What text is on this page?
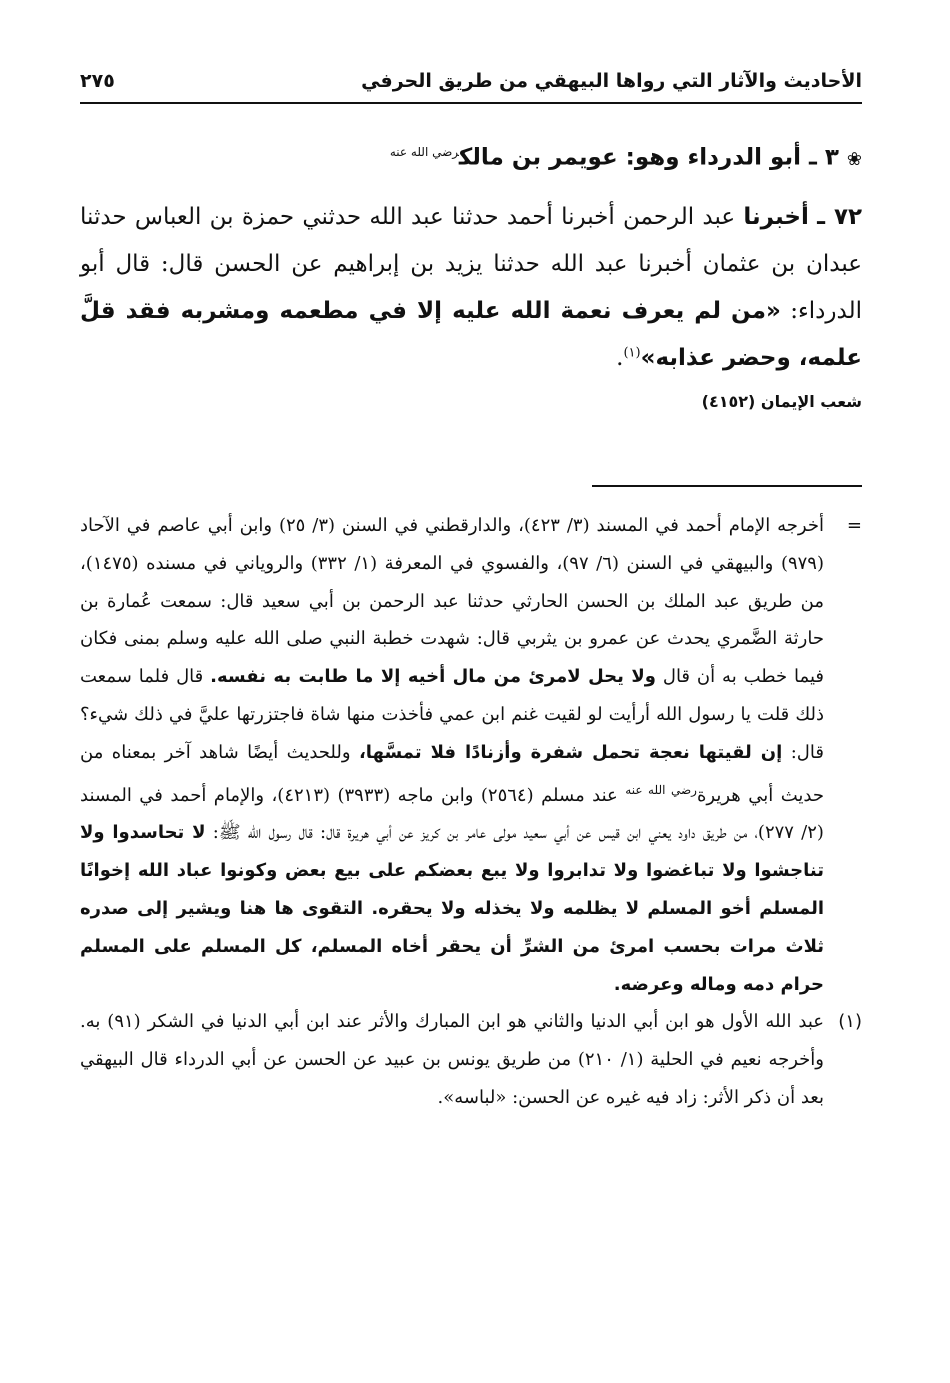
الأحاديث والآثار التي رواها البيهقي من طريق الحرفي
٢٧٥
❀٣ ـ أبو الدرداء وهو: عويمر بن مالك$^{رضي الله عنه}$

٧٢ ـ أخبرنا عبد الرحمن أخبرنا أحمد حدثنا عبد الله حدثني حمزة بن العباس حدثنا عبدان بن عثمان أخبرنا عبد الله حدثنا يزيد بن إبراهيم عن الحسن قال: قال أبو الدرداء: «من لم يعرف نعمة الله عليه إلا في مطعمه ومشربه فقد قلَّ علمه، وحضر عذابه»$^{(١)}$.

شعب الإيمان (٤١٥٢)

=
أخرجه الإمام أحمد في المسند (٣/ ٤٢٣)، والدارقطني في السنن (٣/ ٢٥) وابن أبي عاصم في الآحاد (٩٧٩) والبيهقي في السنن (٦/ ٩٧)، والفسوي في المعرفة (١/ ٣٣٢) والروياني في مسنده (١٤٧٥)، من طريق عبد الملك بن الحسن الحارثي حدثنا عبد الرحمن بن أبي سعيد قال: سمعت عُمارة بن حارثة الضَّمري يحدث عن عمرو بن يثربي قال: شهدت خطبة النبي صلى الله عليه وسلم بمنى فكان فيما خطب به أن قال ولا يحل لامرئ من مال أخيه إلا ما طابت به نفسه. قال فلما سمعت ذلك قلت يا رسول الله أرأيت لو لقيت غنم ابن عمي فأخذت منها شاة فاجتزرتها عليَّ في ذلك شيء؟ قال: إن لقيتها نعجة تحمل شفرة وأزنادًا فلا تمسَّها، وللحديث أيضًا شاهد آخر بمعناه من حديث أبي هريرة$^{رضي الله عنه}$ عند مسلم (٢٥٦٤) وابن ماجه (٣٩٣٣) (٤٢١٣)، والإمام أحمد في المسند (٢/ ٢٧٧)، من طريق داود يعني ابن قيس عن أبي سعيد مولى عامر بن كريز عن أبي هريرة قال: قال رسول اللّه ﷺ: لا تحاسدوا ولا تناجشوا ولا تباغضوا ولا تدابروا ولا يبع بعضكم على بيع بعض وكونوا عباد الله إخوانًا المسلم أخو المسلم لا يظلمه ولا يخذله ولا يحقره. التقوى ها هنا ويشير إلى صدره ثلاث مرات بحسب امرئ من الشرِّ أن يحقر أخاه المسلم، كل المسلم على المسلم حرام دمه وماله وعرضه.

(١)
عبد الله الأول هو ابن أبي الدنيا والثاني هو ابن المبارك والأثر عند ابن أبي الدنيا في الشكر (٩١) به. وأخرجه نعيم في الحلية (١/ ٢١٠) من طريق يونس بن عبيد عن الحسن عن أبي الدرداء قال البيهقي بعد أن ذكر الأثر: زاد فيه غيره عن الحسن: «لباسه».
